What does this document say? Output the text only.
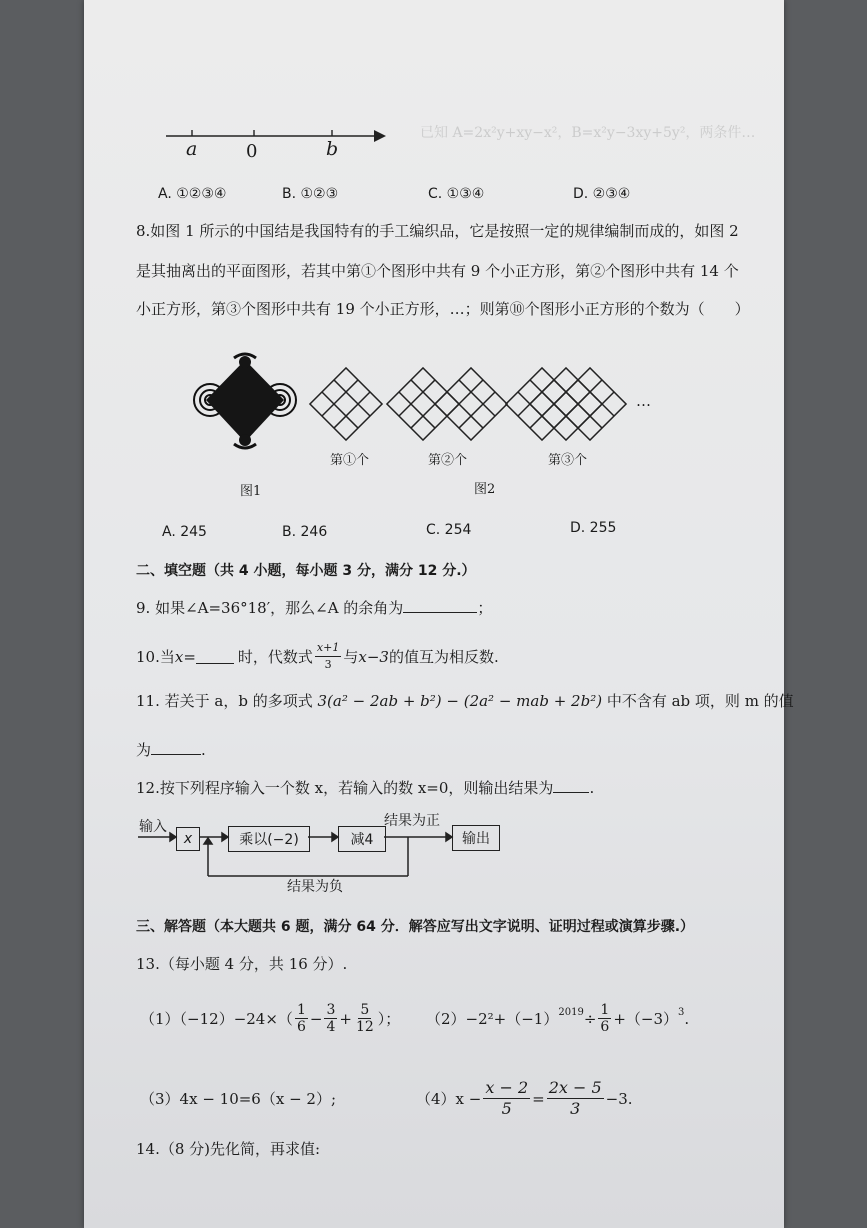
a	0	b
已知 A=2x²y+xy−x²，B=x²y−3xy+5y²，两条件…
A. ①②③④	B. ①②③	C. ①③④	D. ②③④
8.如图 1 所示的中国结是我国特有的手工编织品，它是按照一定的规律编制而成的，如图 2
是其抽离出的平面图形，若其中第①个图形中共有 9 个小正方形，第②个图形中共有 14 个
小正方形，第③个图形中共有 19 个小正方形，…；则第⑩个图形小正方形的个数为（　　）
…
第①个	第②个	第③个
图1	图2
A. 245	B. 246	C. 254	D. 255
二、填空题（共 4 小题，每小题 3 分，满分 12 分.）
9. 如果∠A=36°18′，那么∠A 的余角为	；
10.当 x =	时，代数式 $\frac{x+1}{3}$ 与 x−3 的值互为相反数.
11. 若关于 a，b 的多项式 3(a² − 2ab + b²) − (2a² − mab + 2b²) 中不含有 ab 项，则 m 的值
为	.
12.按下列程序输入一个数 x，若输入的数 x=0，则输出结果为 .
输入
x	乘以(−2)	减4
结果为正
输出
结果为负
三、解答题（本大题共 6 题，满分 64 分．解答应写出文字说明、证明过程或演算步骤.）
13.（每小题 4 分，共 16 分）.
$(1)(-12)-24\times( \frac{1}{6} - \frac{3}{4} + \frac{5}{12}$ ）； $(2)-2^2+(-1)^{2019} \div \frac{1}{6} +(-3)^3$ .
（3）4x − 10=6（x − 2）;	$(4)x - \frac{x - 2}{5} = \frac{2x - 5}{3} -3$.
14.（8 分)先化简，再求值:
